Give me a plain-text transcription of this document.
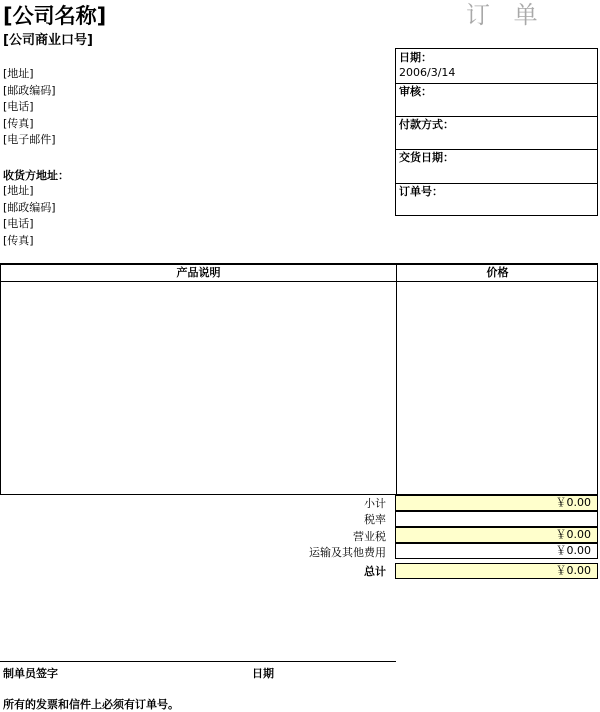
[公司名称]
[公司商业口号]
订 单
[地址]
[邮政编码]
[电话]
[传真]
[电子邮件]
收货方地址：
[地址]
[邮政编码]
[电话]
[传真]
日期：
2006/3/14
审核：
付款方式：
交货日期：
订单号：
产品说明	价格
小计	￥0.00
税率
营业税	￥0.00
运输及其他费用	￥0.00
总计	￥0.00
制单员签字	日期
所有的发票和信件上必须有订单号。
